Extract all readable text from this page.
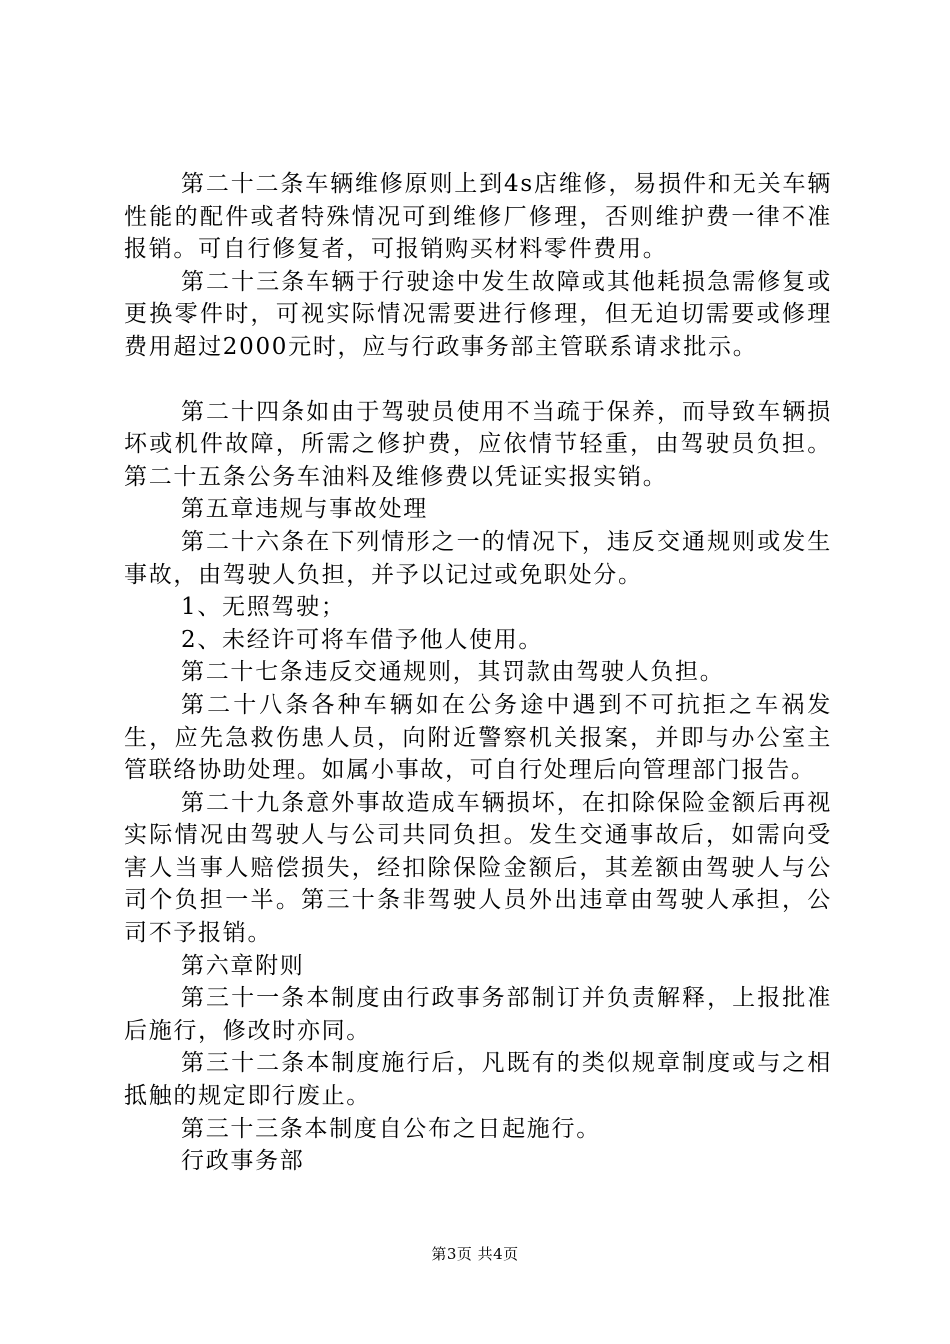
第二十二条车辆维修原则上到4s店维修，易损件和无关车辆性能的配件或者特殊情况可到维修厂修理，否则维护费一律不准报销。可自行修复者，可报销购买材料零件费用。

第二十三条车辆于行驶途中发生故障或其他耗损急需修复或更换零件时，可视实际情况需要进行修理，但无迫切需要或修理费用超过2000元时，应与行政事务部主管联系请求批示。

第二十四条如由于驾驶员使用不当疏于保养，而导致车辆损坏或机件故障，所需之修护费，应依情节轻重，由驾驶员负担。第二十五条公务车油料及维修费以凭证实报实销。

第五章违规与事故处理

第二十六条在下列情形之一的情况下，违反交通规则或发生事故，由驾驶人负担，并予以记过或免职处分。

1、无照驾驶；

2、未经许可将车借予他人使用。

第二十七条违反交通规则，其罚款由驾驶人负担。

第二十八条各种车辆如在公务途中遇到不可抗拒之车祸发生，应先急救伤患人员，向附近警察机关报案，并即与办公室主管联络协助处理。如属小事故，可自行处理后向管理部门报告。

第二十九条意外事故造成车辆损坏，在扣除保险金额后再视实际情况由驾驶人与公司共同负担。发生交通事故后，如需向受害人当事人赔偿损失，经扣除保险金额后，其差额由驾驶人与公司个负担一半。第三十条非驾驶人员外出违章由驾驶人承担，公司不予报销。

第六章附则

第三十一条本制度由行政事务部制订并负责解释，上报批准后施行，修改时亦同。

第三十二条本制度施行后，凡既有的类似规章制度或与之相抵触的规定即行废止。

第三十三条本制度自公布之日起施行。

行政事务部

第3页 共4页
